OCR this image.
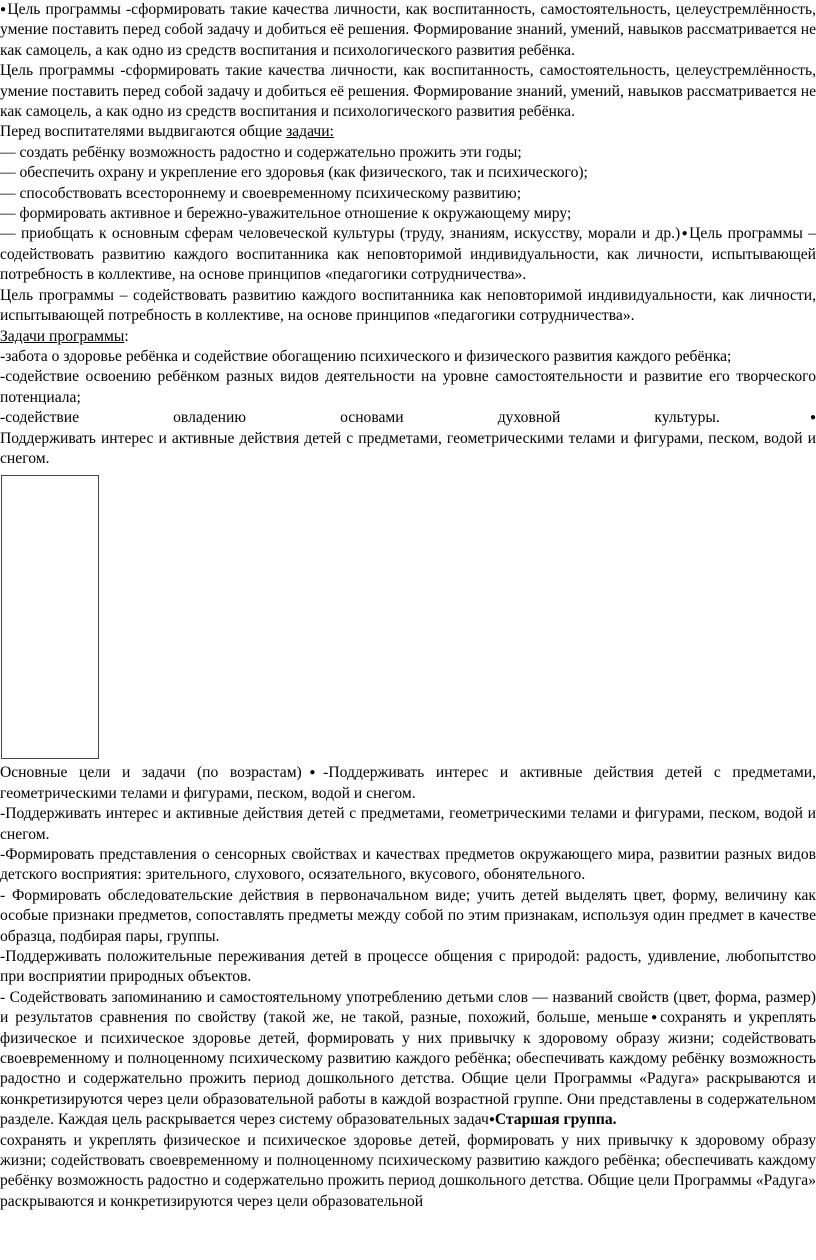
●Цель программы -сформировать такие качества личности, как воспитанность, самостоятельность, целеустремлённость, умение поставить перед собой задачу и добиться её решения. Формирование знаний, умений, навыков рассматривается не как самоцель, а как одно из средств воспитания и психологического развития ребёнка.

Цель программы -сформировать такие качества личности, как воспитанность, самостоятельность, целеустремлённость, умение поставить перед собой задачу и добиться её решения. Формирование знаний, умений, навыков рассматривается не как самоцель, а как одно из средств воспитания и психологического развития ребёнка.

Перед воспитателями выдвигаются общие задачи:

— создать ребёнку возможность радостно и содержательно прожить эти годы;

— обеспечить охрану и укрепление его здоровья (как физического, так и психического);

— способствовать всестороннему и своевременному психическому развитию;

— формировать активное и бережно-уважительное отношение к окружающему миру;

— приобщать к основным сферам человеческой культуры (труду, знаниям, искусству, морали и др.)●Цель программы – содействовать развитию каждого воспитанника как неповторимой индивидуальности, как личности, испытывающей потребность в коллективе, на основе принципов «педагогики сотрудничества».

Цель программы – содействовать развитию каждого воспитанника как неповторимой индивидуальности, как личности, испытывающей потребность в коллективе, на основе принципов «педагогики сотрудничества».

Задачи программы:

-забота о здоровье ребёнка и содействие обогащению психического и физического развития каждого ребёнка;

-содействие освоению ребёнком разных видов деятельности на уровне самостоятельности и развитие его творческого потенциала;

-содействие овладению основами духовной культуры.●

Поддерживать интерес и активные действия детей с предметами, геометрическими телами и фигурами, песком, водой и снегом.

Основные цели и задачи (по возрастам)●-Поддерживать интерес и активные действия детей с предметами, геометрическими телами и фигурами, песком, водой и снегом.

-Поддерживать интерес и активные действия детей с предметами, геометрическими телами и фигурами, песком, водой и снегом.

-Формировать представления о сенсорных свойствах и качествах предметов окружающего мира, развитии разных видов детского восприятия: зрительного, слухового, осязательного, вкусового, обонятельного.

- Формировать обследовательские действия в первоначальном виде; учить детей выделять цвет, форму, величину как особые признаки предметов, сопоставлять предметы между собой по этим признакам, используя один предмет в качестве образца, подбирая пары, группы.

-Поддерживать положительные переживания детей в процессе общения с природой: радость, удивление, любопытство при восприятии природных объектов.

- Содействовать запоминанию и самостоятельному употреблению детьми слов — названий свойств (цвет, форма, размер) и результатов сравнения по свойству (такой же, не такой, разные, похожий, больше, меньше●сохранять и укреплять физическое и психическое здоровье детей, формировать у них привычку к здоровому образу жизни; содействовать своевременному и полноценному психическому развитию каждого ребёнка; обеспечивать каждому ребёнку возможность радостно и содержательно прожить период дошкольного детства. Общие цели Программы «Радуга» раскрываются и конкретизируются через цели образовательной работы в каждой возрастной группе. Они представлены в содержательном разделе. Каждая цель раскрывается через систему образовательных задач●Старшая группа.

сохранять и укреплять физическое и психическое здоровье детей, формировать у них привычку к здоровому образу жизни; содействовать своевременному и полноценному психическому развитию каждого ребёнка; обеспечивать каждому ребёнку возможность радостно и содержательно прожить период дошкольного детства. Общие цели Программы «Радуга» раскрываются и конкретизируются через цели образовательной
